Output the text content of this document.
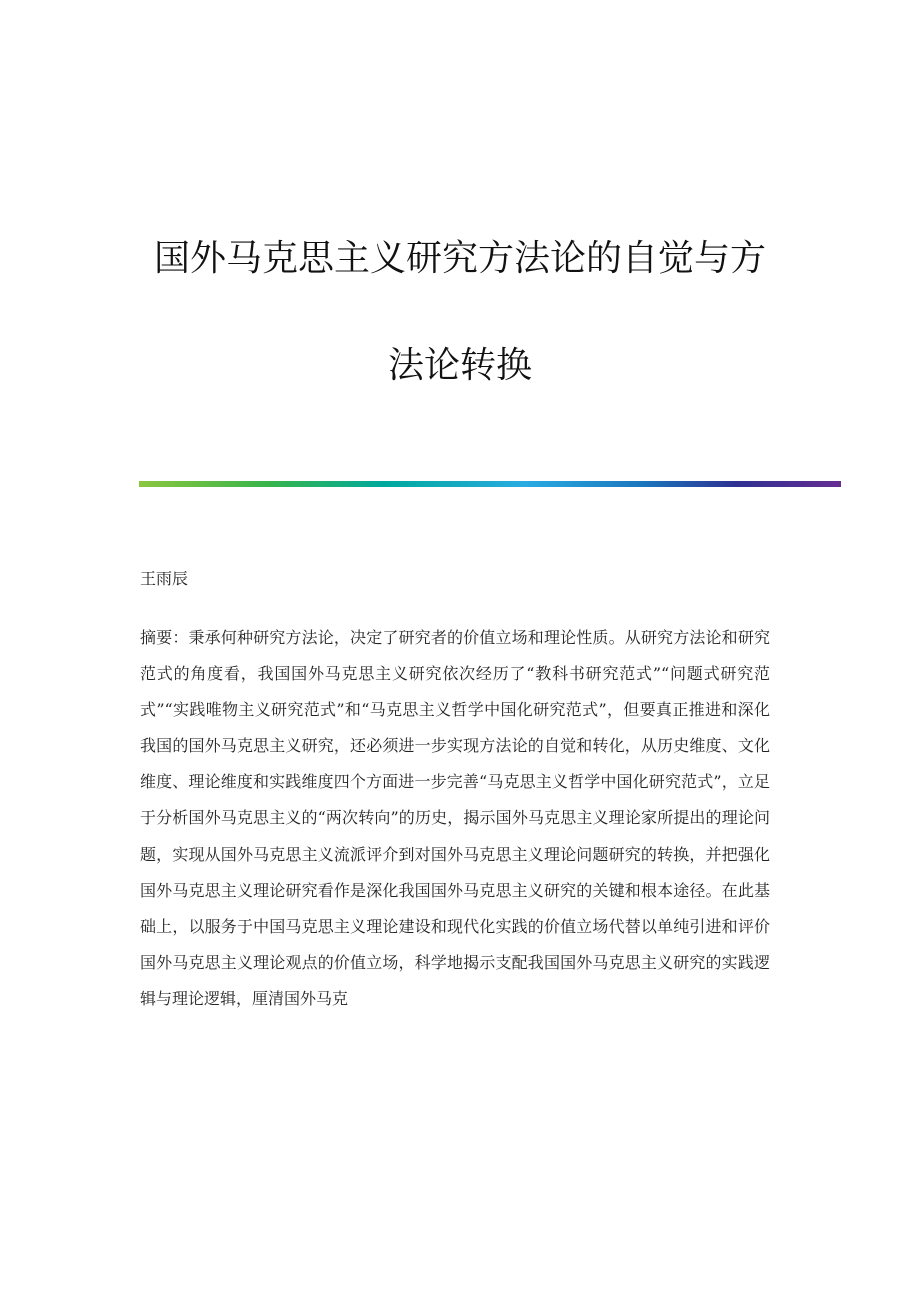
国外马克思主义研究方法论的自觉与方法论转换
王雨辰

摘要：秉承何种研究方法论，决定了研究者的价值立场和理论性质。从研究方法论和研究范式的角度看，我国国外马克思主义研究依次经历了“教科书研究范式”“问题式研究范式”“实践唯物主义研究范式”和“马克思主义哲学中国化研究范式”，但要真正推进和深化我国的国外马克思主义研究，还必须进一步实现方法论的自觉和转化，从历史维度、文化维度、理论维度和实践维度四个方面进一步完善“马克思主义哲学中国化研究范式”，立足于分析国外马克思主义的“两次转向”的历史，揭示国外马克思主义理论家所提出的理论问题，实现从国外马克思主义流派评介到对国外马克思主义理论问题研究的转换，并把强化国外马克思主义理论研究看作是深化我国国外马克思主义研究的关键和根本途径。在此基础上，以服务于中国马克思主义理论建设和现代化实践的价值立场代替以单纯引进和评价国外马克思主义理论观点的价值立场，科学地揭示支配我国国外马克思主义研究的实践逻辑与理论逻辑，厘清国外马克
